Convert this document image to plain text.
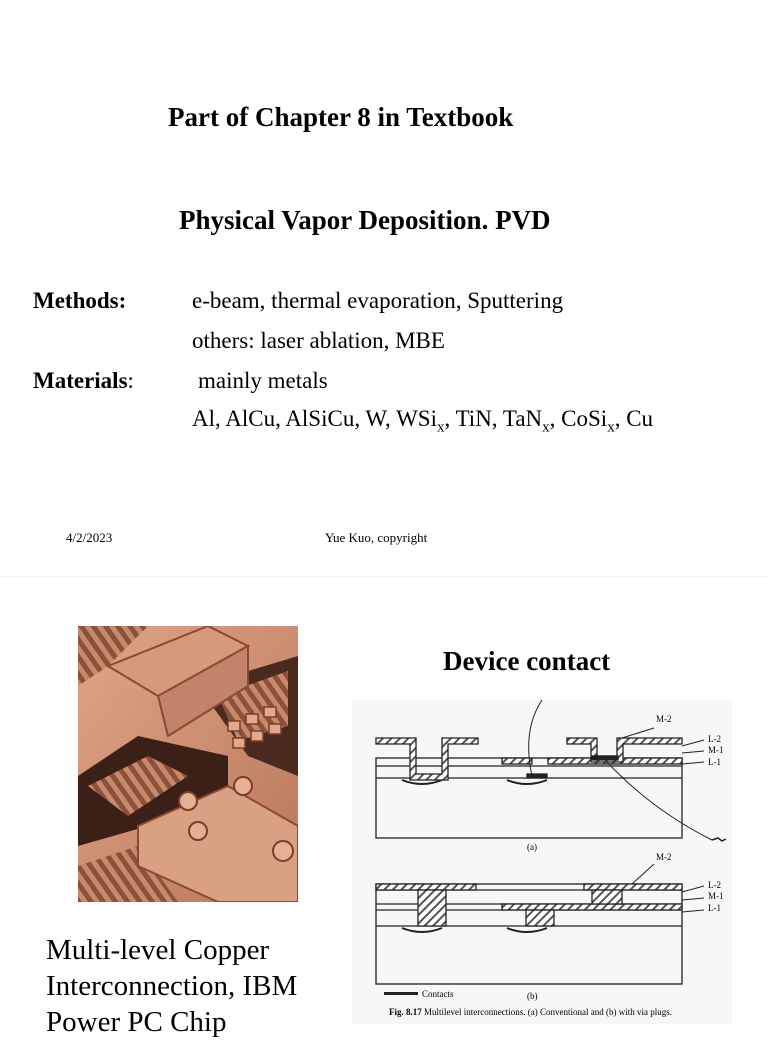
Part of Chapter 8 in Textbook
Physical Vapor Deposition. PVD
Methods:	e-beam, thermal evaporation, Sputtering
others: laser ablation, MBE
Materials:	mainly metals
Al, AlCu, AlSiCu, W, WSi$_x$, TiN, TaN$_x$, CoSi$_x$, Cu
4/2/2023	Yue Kuo, copyright
Multi-level Copper
Interconnection, IBM
Power PC Chip
Device contact
M-2
L-2
M-1
L-1
(a)
M-2
L-2
M-1
L-1
Contacts	(b)
Fig. 8.17 Multilevel interconnections. (a) Conventional and (b) with via plugs.
